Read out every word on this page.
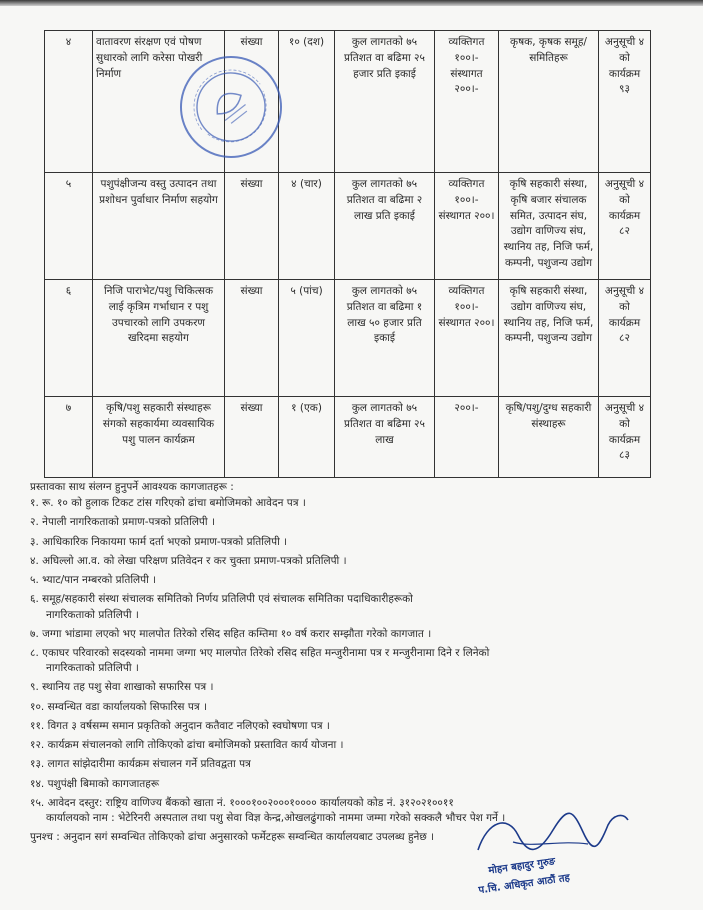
४	वातावरण संरक्षण एवं पोषण सुधारको लागि करेसा पोखरी निर्माण	संख्या	१० (दश)	कुल लागतको ७५ प्रतिशत वा बढिमा २५ हजार प्रति इकाई	व्यक्तिगत १००।- संस्थागत २००।-	कृषक, कृषक समूह/ समितिहरू	अनुसूची ४ को कार्यक्रम ९३
५	पशुपंक्षीजन्य वस्तु उत्पादन तथा प्रशोधन पुर्वाधार निर्माण सहयोग	संख्या	४ (चार)	कुल लागतको ७५ प्रतिशत वा बढिमा २ लाख प्रति इकाई	व्यक्तिगत १००।- संस्थागत २००।	कृषि सहकारी संस्था, कृषि बजार संचालक समित, उत्पादन संघ, उद्योग वाणिज्य संघ, स्थानिय तह, निजि फर्म, कम्पनी, पशुजन्य उद्योग	अनुसूची ४ को कार्यक्रम ८२
६	निजि पाराभेट/पशु चिकित्सक लाई कृत्रिम गर्भाधान र पशु उपचारको लागि उपकरण खरिदमा सहयोग	संख्या	५ (पांच)	कुल लागतको ७५ प्रतिशत वा बढिमा १ लाख ५० हजार प्रति इकाई	व्यक्तिगत १००।- संस्थागत २००।	कृषि सहकारी संस्था, उद्योग वाणिज्य संघ, स्थानिय तह, निजि फर्म, कम्पनी, पशुजन्य उद्योग	अनुसूची ४ को कार्यक्रम ८२
७	कृषि/पशु सहकारी संस्थाहरू संगको सहकार्यमा व्यवसायिक पशु पालन कार्यक्रम	संख्या	१ (एक)	कुल लागतको ७५ प्रतिशत वा बढिमा २५ लाख	२००।-	कृषि/पशु/दुग्ध सहकारी संस्थाहरू	अनुसूची ४ को कार्यक्रम ८३
प्रस्तावका साथ संलग्न हुनुपर्ने आवश्यक कागजातहरू :
१. रू. १० को हुलाक टिकट टांस गरिएको ढांचा बमोजिमको आवेदन पत्र ।
२. नेपाली नागरिकताको प्रमाण-पत्रको प्रतिलिपी ।
३. आधिकारिक निकायमा फार्म दर्ता भएको प्रमाण-पत्रको प्रतिलिपी ।
४. अघिल्लो आ.व. को लेखा परिक्षण प्रतिवेदन र कर चुक्ता प्रमाण-पत्रको प्रतिलिपी ।
५. भ्याट/पान नम्बरको प्रतिलिपी ।
६. समूह/सहकारी संस्था संचालक समितिको निर्णय प्रतिलिपी एवं संचालक समितिका पदाधिकारीहरूको
नागरिकताको प्रतिलिपी ।
७. जग्गा भांडामा लएको भए मालपोत तिरेको रसिद सहित कम्तिमा १० वर्ष करार सम्झौता गरेको कागजात ।
८. एकाघर परिवारको सदस्यको नाममा जग्गा भए मालपोत तिरेको रसिद सहित मन्जुरीनामा पत्र र मन्जुरीनामा दिने र लिनेको
नागरिकताको प्रतिलिपी ।
९. स्थानिय तह पशु सेवा शाखाको सफारिस पत्र ।
१०. सम्वन्धित वडा कार्यालयको सिफारिस पत्र ।
११. विगत ३ वर्षसम्म समान प्रकृतिको अनुदान कतैवाट नलिएको स्वघोषणा पत्र ।
१२. कार्यक्रम संचालनको लागि तोकिएको ढांचा बमोजिमको प्रस्तावित कार्य योजना ।
१३. लागत सांझेदारीमा कार्यक्रम संचालन गर्ने प्रतिवद्वता पत्र
१४. पशुपंक्षी बिमाको कागजातहरू
१५. आवेदन दस्तुर: राष्ट्रिय वाणिज्य बैंकको खाता नं. १०००१००२०००१०००० कार्यालयको कोड नं. ३१२०२१००११
कार्यालयको नाम : भेटेरिनरी अस्पताल तथा पशु सेवा विज्ञ केन्द्र,ओखलढुंगाको नाममा जम्मा गरेको सक्कलै भौचर पेश गर्ने ।
पुनश्च : अनुदान सगं सम्वन्धित तोकिएको ढांचा अनुसारको फर्मेटहरू सम्वन्धित कार्यालयबाट उपलब्ध हुनेछ ।
मोहन बहादुर गुरुङ
प.चि. अधिकृत आठौं तह
